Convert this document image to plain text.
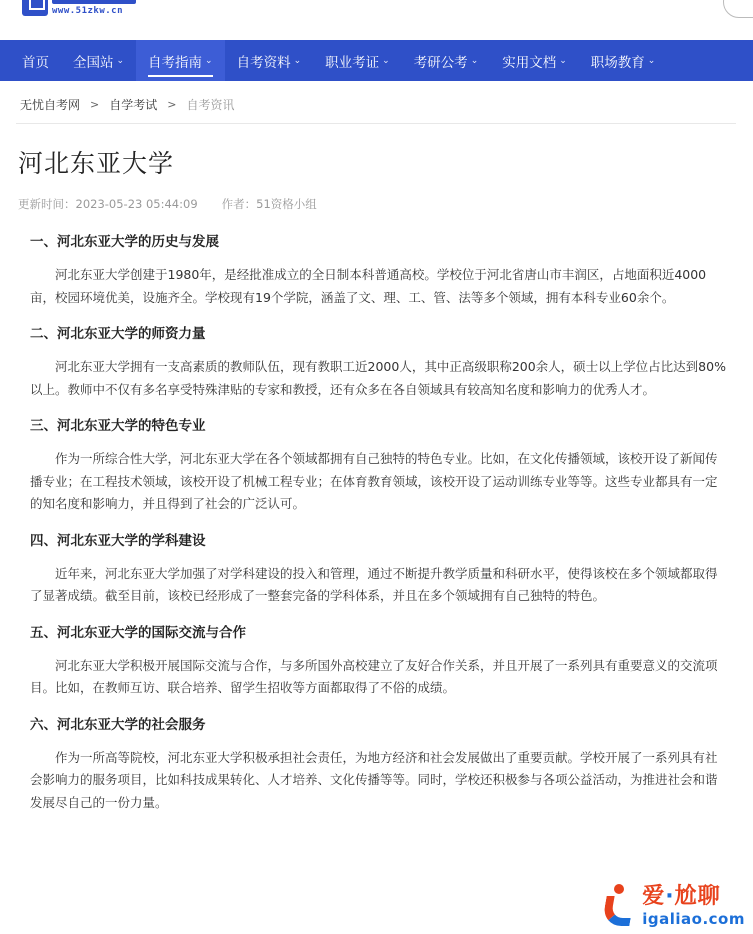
www.51zkw.cn
首页 全国站 ⌄ 自考指南 ⌄ 自考资料 ⌄ 职业考证 ⌄ 考研公考 ⌄ 实用文档 ⌄ 职场教育 ⌄
无忧自考网 > 自学考试 > 自考资讯
河北东亚大学
更新时间：2023-05-23 05:44:09 作者：51资格小组
一、河北东亚大学的历史与发展

河北东亚大学创建于1980年，是经批准成立的全日制本科普通高校。学校位于河北省唐山市丰润区，占地面积近4000亩，校园环境优美，设施齐全。学校现有19个学院，涵盖了文、理、工、管、法等多个领域，拥有本科专业60余个。

二、河北东亚大学的师资力量

河北东亚大学拥有一支高素质的教师队伍，现有教职工近2000人，其中正高级职称200余人，硕士以上学位占比达到80%以上。教师中不仅有多名享受特殊津贴的专家和教授，还有众多在各自领域具有较高知名度和影响力的优秀人才。

三、河北东亚大学的特色专业

作为一所综合性大学，河北东亚大学在各个领域都拥有自己独特的特色专业。比如，在文化传播领域，该校开设了新闻传播专业；在工程技术领域，该校开设了机械工程专业；在体育教育领域，该校开设了运动训练专业等等。这些专业都具有一定的知名度和影响力，并且得到了社会的广泛认可。

四、河北东亚大学的学科建设

近年来，河北东亚大学加强了对学科建设的投入和管理，通过不断提升教学质量和科研水平，使得该校在多个领域都取得了显著成绩。截至目前，该校已经形成了一整套完备的学科体系，并且在多个领域拥有自己独特的特色。

五、河北东亚大学的国际交流与合作

河北东亚大学积极开展国际交流与合作，与多所国外高校建立了友好合作关系，并且开展了一系列具有重要意义的交流项目。比如，在教师互访、联合培养、留学生招收等方面都取得了不俗的成绩。

六、河北东亚大学的社会服务

作为一所高等院校，河北东亚大学积极承担社会责任，为地方经济和社会发展做出了重要贡献。学校开展了一系列具有社会影响力的服务项目，比如科技成果转化、人才培养、文化传播等等。同时，学校还积极参与各项公益活动，为推进社会和谐发展尽自己的一份力量。

爱·尬聊
igaliao.com
